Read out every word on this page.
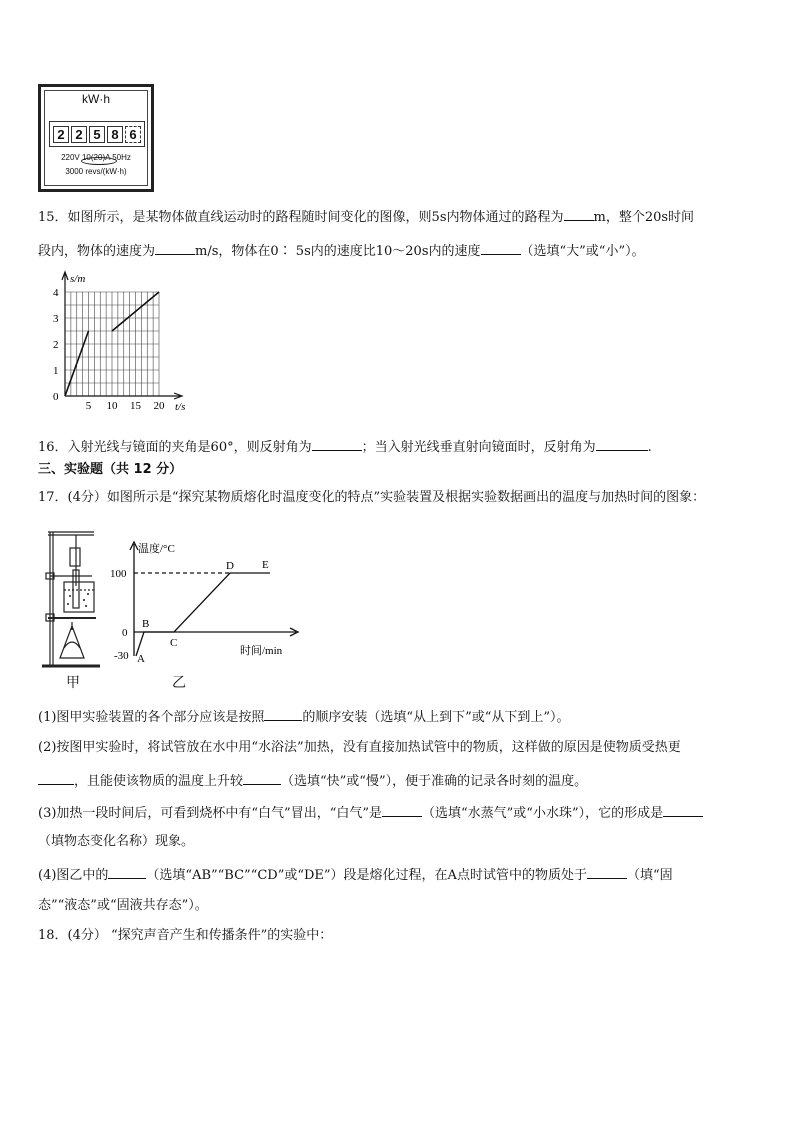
kW·h
2 2 5 8 6
220V 10(20)A 50Hz
3000 revs/(kW·h)
15．如图所示，是某物体做直线运动时的路程随时间变化的图像，则5s内物体通过的路程为 m，整个20s时间
段内，物体的速度为	m/s，物体在0∶ 5s内的速度比10～20s内的速度	（选填“大”或“小”）。
5 10 15 20
0
1
2
3
4
s/m
t/s
16．入射光线与镜面的夹角是60°，则反射角为	；当入射光线垂直射向镜面时，反射角为	.
三、实验题（共 12 分）
17．(4分）如图所示是“探究某物质熔化时温度变化的特点”实验装置及根据实验数据画出的温度与加热时间的图象：
甲
温度/°C
时间/min
100
0
-30 A
B
C
D	E
乙
(1)图甲实验装置的各个部分应该是按照	的顺序安装（选填“从上到下”或“从下到上”）。
(2)按图甲实验时，将试管放在水中用“水浴法”加热，没有直接加热试管中的物质，这样做的原因是使物质受热更
，且能使该物质的温度上升较	（选填“快”或“慢”），便于准确的记录各时刻的温度。
(3)加热一段时间后，可看到烧杯中有“白气”冒出，“白气”是	（选填“水蒸气”或“小水珠”），它的形成是
（填物态变化名称）现象。
(4)图乙中的	（选填“AB”“BC”“CD”或“DE”）段是熔化过程，在A点时试管中的物质处于	（填“固
态”“液态”或“固液共存态”）。
18．(4分） “探究声音产生和传播条件”的实验中：
